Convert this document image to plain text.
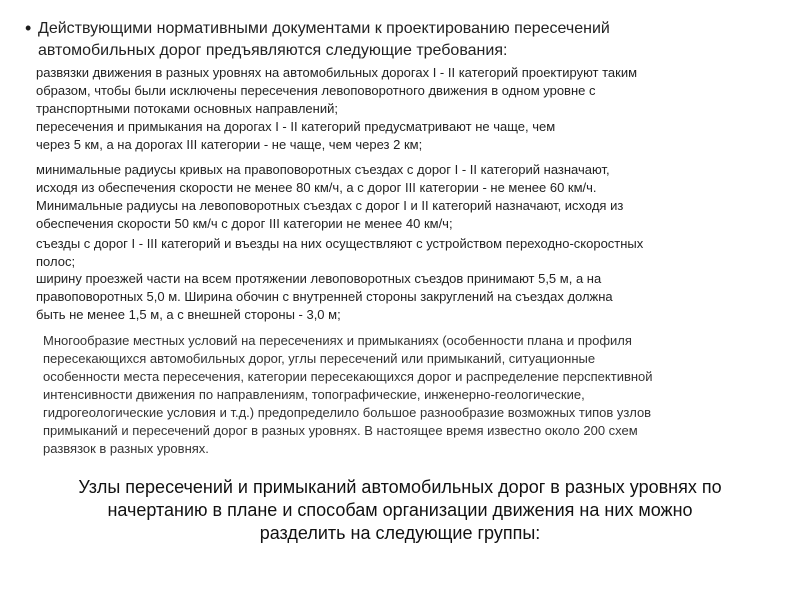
• Действующими нормативными документами к проектированию пересечений
автомобильных дорог предъявляются следующие требования:

развязки движения в разных уровнях на автомобильных дорогах I - II категорий проектируют таким

образом, чтобы были исключены пересечения левоповоротного движения в одном уровне с

транспортными потоками основных направлений;

пересечения и примыкания на дорогах I - II категорий предусматривают не чаще, чем

через 5 км, а на дорогах III категории - не чаще, чем через 2 км;

минимальные радиусы кривых на правоповоротных съездах с дорог I - II категорий назначают,

исходя из обеспечения скорости не менее 80 км/ч, а с дорог III категории - не менее 60 км/ч.

Минимальные радиусы на левоповоротных съездах с дорог I и II категорий назначают, исходя из

обеспечения скорости 50 км/ч с дорог III категории не менее 40 км/ч;

съезды с дорог I - III категорий и въезды на них осуществляют с устройством переходно-скоростных

полос;

ширину проезжей части на всем протяжении левоповоротных съездов принимают 5,5 м, а на

правоповоротных 5,0 м. Ширина обочин с внутренней стороны закруглений на съездах должна

быть не менее 1,5 м, а с внешней стороны - 3,0 м;

Многообразие местных условий на пересечениях и примыканиях (особенности плана и профиля

пересекающихся автомобильных дорог, углы пересечений или примыканий, ситуационные

особенности места пересечения, категории пересекающихся дорог и распределение перспективной

интенсивности движения по направлениям, топографические, инженерно-геологические,

гидрогеологические условия и т.д.) предопределило большое разнообразие возможных типов узлов

примыканий и пересечений дорог в разных уровнях. В настоящее время известно около 200 схем

развязок в разных уровнях.

Узлы пересечений и примыканий автомобильных дорог в разных уровнях по

начертанию в плане и способам организации движения на них можно

разделить на следующие группы:
